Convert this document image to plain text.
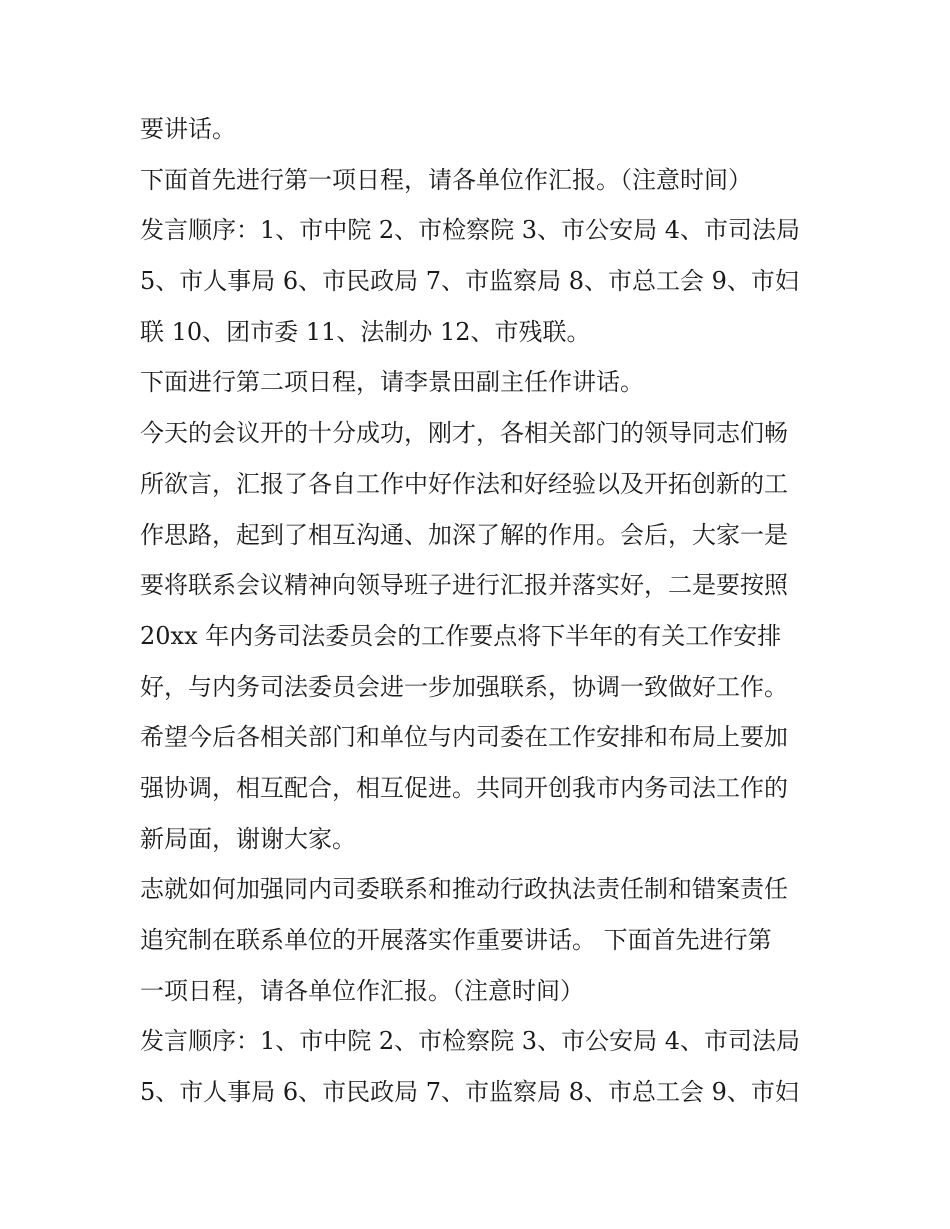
要讲话。
下面首先进行第一项日程，请各单位作汇报。（注意时间）
发言顺序：1、市中院 2、市检察院 3、市公安局 4、市司法局
5、市人事局 6、市民政局 7、市监察局 8、市总工会 9、市妇
联 10、团市委 11、法制办 12、市残联。
下面进行第二项日程，请李景田副主任作讲话。
今天的会议开的十分成功，刚才，各相关部门的领导同志们畅
所欲言，汇报了各自工作中好作法和好经验以及开拓创新的工
作思路，起到了相互沟通、加深了解的作用。会后，大家一是
要将联系会议精神向领导班子进行汇报并落实好，二是要按照
20xx 年内务司法委员会的工作要点将下半年的有关工作安排
好，与内务司法委员会进一步加强联系，协调一致做好工作。
希望今后各相关部门和单位与内司委在工作安排和布局上要加
强协调，相互配合，相互促进。共同开创我市内务司法工作的
新局面，谢谢大家。
志就如何加强同内司委联系和推动行政执法责任制和错案责任
追究制在联系单位的开展落实作重要讲话。 下面首先进行第
一项日程，请各单位作汇报。（注意时间）
发言顺序：1、市中院 2、市检察院 3、市公安局 4、市司法局
5、市人事局 6、市民政局 7、市监察局 8、市总工会 9、市妇
